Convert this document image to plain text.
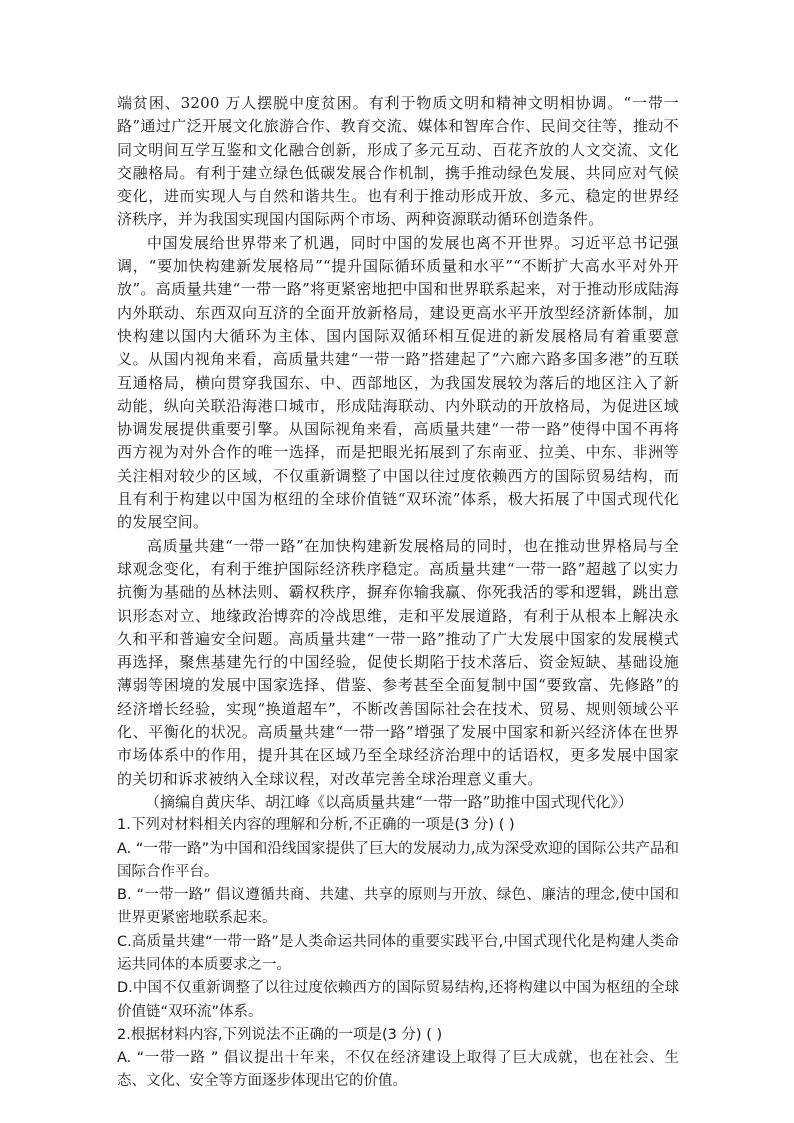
端贫困、3200 万人摆脱中度贫困。有利于物质文明和精神文明相协调。“一带一路”通过广泛开展文化旅游合作、教育交流、媒体和智库合作、民间交往等，推动不同文明间互学互鉴和文化融合创新，形成了多元互动、百花齐放的人文交流、文化交融格局。有利于建立绿色低碳发展合作机制，携手推动绿色发展、共同应对气候变化，进而实现人与自然和谐共生。也有利于推动形成开放、多元、稳定的世界经济秩序，并为我国实现国内国际两个市场、两种资源联动循环创造条件。

中国发展给世界带来了机遇，同时中国的发展也离不开世界。习近平总书记强调，“要加快构建新发展格局”“提升国际循环质量和水平”“不断扩大高水平对外开放”。高质量共建“一带一路”将更紧密地把中国和世界联系起来，对于推动形成陆海内外联动、东西双向互济的全面开放新格局，建设更高水平开放型经济新体制，加快构建以国内大循环为主体、国内国际双循环相互促进的新发展格局有着重要意义。从国内视角来看，高质量共建“一带一路”搭建起了“六廊六路多国多港”的互联互通格局，横向贯穿我国东、中、西部地区，为我国发展较为落后的地区注入了新动能，纵向关联沿海港口城市，形成陆海联动、内外联动的开放格局，为促进区域协调发展提供重要引擎。从国际视角来看，高质量共建“一带一路”使得中国不再将西方视为对外合作的唯一选择，而是把眼光拓展到了东南亚、拉美、中东、非洲等关注相对较少的区域，不仅重新调整了中国以往过度依赖西方的国际贸易结构，而且有利于构建以中国为枢纽的全球价值链“双环流”体系，极大拓展了中国式现代化的发展空间。

高质量共建“一带一路”在加快构建新发展格局的同时，也在推动世界格局与全球观念变化，有利于维护国际经济秩序稳定。高质量共建“一带一路”超越了以实力抗衡为基础的丛林法则、霸权秩序，摒弃你输我赢、你死我活的零和逻辑，跳出意识形态对立、地缘政治博弈的冷战思维，走和平发展道路，有利于从根本上解决永久和平和普遍安全问题。高质量共建“一带一路”推动了广大发展中国家的发展模式再选择，聚焦基建先行的中国经验，促使长期陷于技术落后、资金短缺、基础设施薄弱等困境的发展中国家选择、借鉴、参考甚至全面复制中国“要致富、先修路”的经济增长经验，实现“换道超车”，不断改善国际社会在技术、贸易、规则领域公平化、平衡化的状况。高质量共建“一带一路”增强了发展中国家和新兴经济体在世界市场体系中的作用，提升其在区域乃至全球经济治理中的话语权，更多发展中国家的关切和诉求被纳入全球议程，对改革完善全球治理意义重大。

（摘编自黄庆华、胡江峰《以高质量共建“一带一路”助推中国式现代化》）

1.下列对材料相关内容的理解和分析,不正确的一项是(3 分) ( )

A. “一带一路”为中国和沿线国家提供了巨大的发展动力,成为深受欢迎的国际公共产品和国际合作平台。

B. “一带一路” 倡议遵循共商、共建、共享的原则与开放、绿色、廉洁的理念,使中国和世界更紧密地联系起来。

C.高质量共建“一带一路”是人类命运共同体的重要实践平台,中国式现代化是构建人类命运共同体的本质要求之一。

D.中国不仅重新调整了以往过度依赖西方的国际贸易结构,还将构建以中国为枢纽的全球价值链“双环流”体系。

2.根据材料内容,下列说法不正确的一项是(3 分) ( )

A. “一带一路 ” 倡议提出十年来，不仅在经济建设上取得了巨大成就，也在社会、生态、文化、安全等方面逐步体现出它的价值。
